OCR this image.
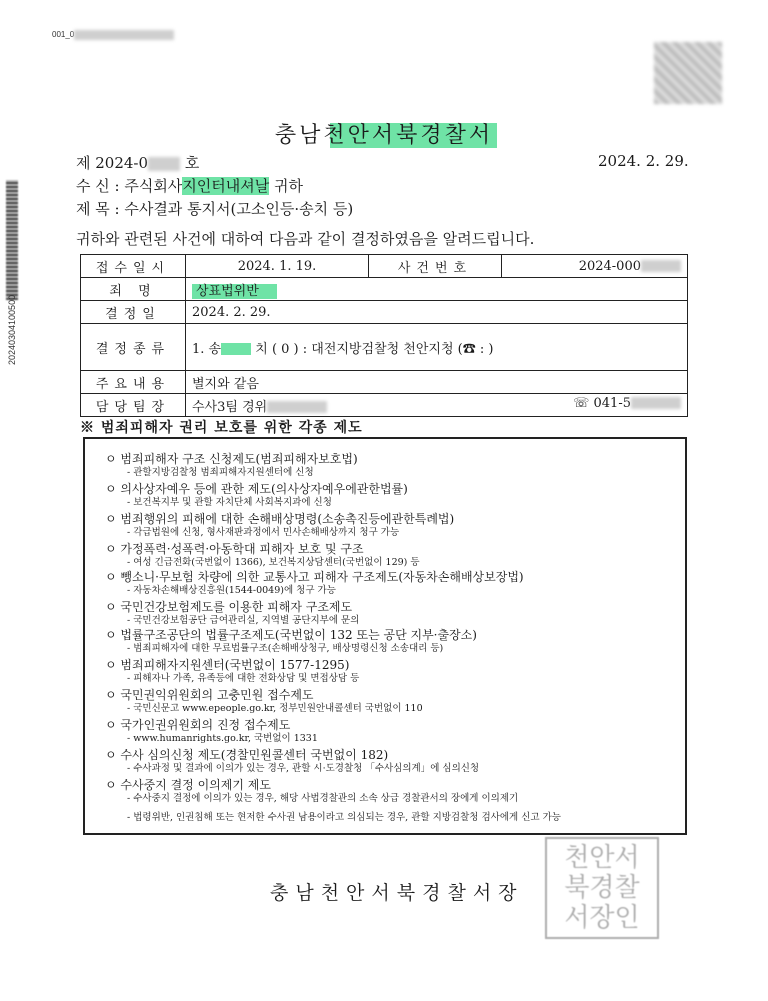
001_0
20240304100500
충남천안서북경찰서
제 2024-0 호	2024. 2. 29.
수 신 : 주식회사지인터내셔날 귀하
제 목 : 수사결과 통지서(고소인등·송치 등)
귀하와 관련된 사건에 대하여 다음과 같이 결정하였음을 알려드립니다.
접수일시	2024. 1. 19.	사건번호	2024-000
죄 명	상표법위반		
결정일	2024. 2. 29.		
결정종류	1. 송 치 ( 0 ) : 대전지방검찰청 천안지청 (☎ : )		
주요내용	별지와 같음		
담당팀장	수사3팀 경위 ☏ 041-5		
※ 범죄피해자 권리 보호를 위한 각종 제도
ㅇ 범죄피해자 구조 신청제도(범죄피해자보호법)
- 관할지방검찰청 범죄피해자지원센터에 신청
ㅇ 의사상자예우 등에 관한 제도(의사상자예우에관한법률)
- 보건복지부 및 관할 자치단체 사회복지과에 신청
ㅇ 범죄행위의 피해에 대한 손해배상명령(소송촉진등에관한특례법)
- 각급법원에 신청, 형사재판과정에서 민사손해배상까지 청구 가능
ㅇ 가정폭력·성폭력·아동학대 피해자 보호 및 구조
- 여성 긴급전화(국번없이 1366), 보건복지상담센터(국번없이 129) 등
ㅇ 뺑소니·무보험 차량에 의한 교통사고 피해자 구조제도(자동차손해배상보장법)
- 자동차손해배상진흥원(1544-0049)에 청구 가능
ㅇ 국민건강보험제도를 이용한 피해자 구조제도
- 국민건강보험공단 급여관리실, 지역별 공단지부에 문의
ㅇ 법률구조공단의 법률구조제도(국번없이 132 또는 공단 지부·출장소)
- 범죄피해자에 대한 무료법률구조(손해배상청구, 배상명령신청 소송대리 등)
ㅇ 범죄피해자지원센터(국번없이 1577-1295)
- 피해자나 가족, 유족등에 대한 전화상담 및 면접상담 등
ㅇ 국민권익위원회의 고충민원 접수제도
- 국민신문고 www.epeople.go.kr, 정부민원안내콜센터 국번없이 110
ㅇ 국가인권위원회의 진정 접수제도
- www.humanrights.go.kr, 국번없이 1331
ㅇ 수사 심의신청 제도(경찰민원콜센터 국번없이 182)
- 수사과정 및 결과에 이의가 있는 경우, 관할 시·도경찰청 「수사심의계」에 심의신청
ㅇ 수사중지 결정 이의제기 제도
- 수사중지 결정에 이의가 있는 경우, 해당 사법경찰관의 소속 상급 경찰관서의 장에게 이의제기
- 법령위반, 인권침해 또는 현저한 수사권 남용이라고 의심되는 경우, 관할 지방검찰청 검사에게 신고 가능
충남천안서북경찰서장
천안서북경찰서장인
